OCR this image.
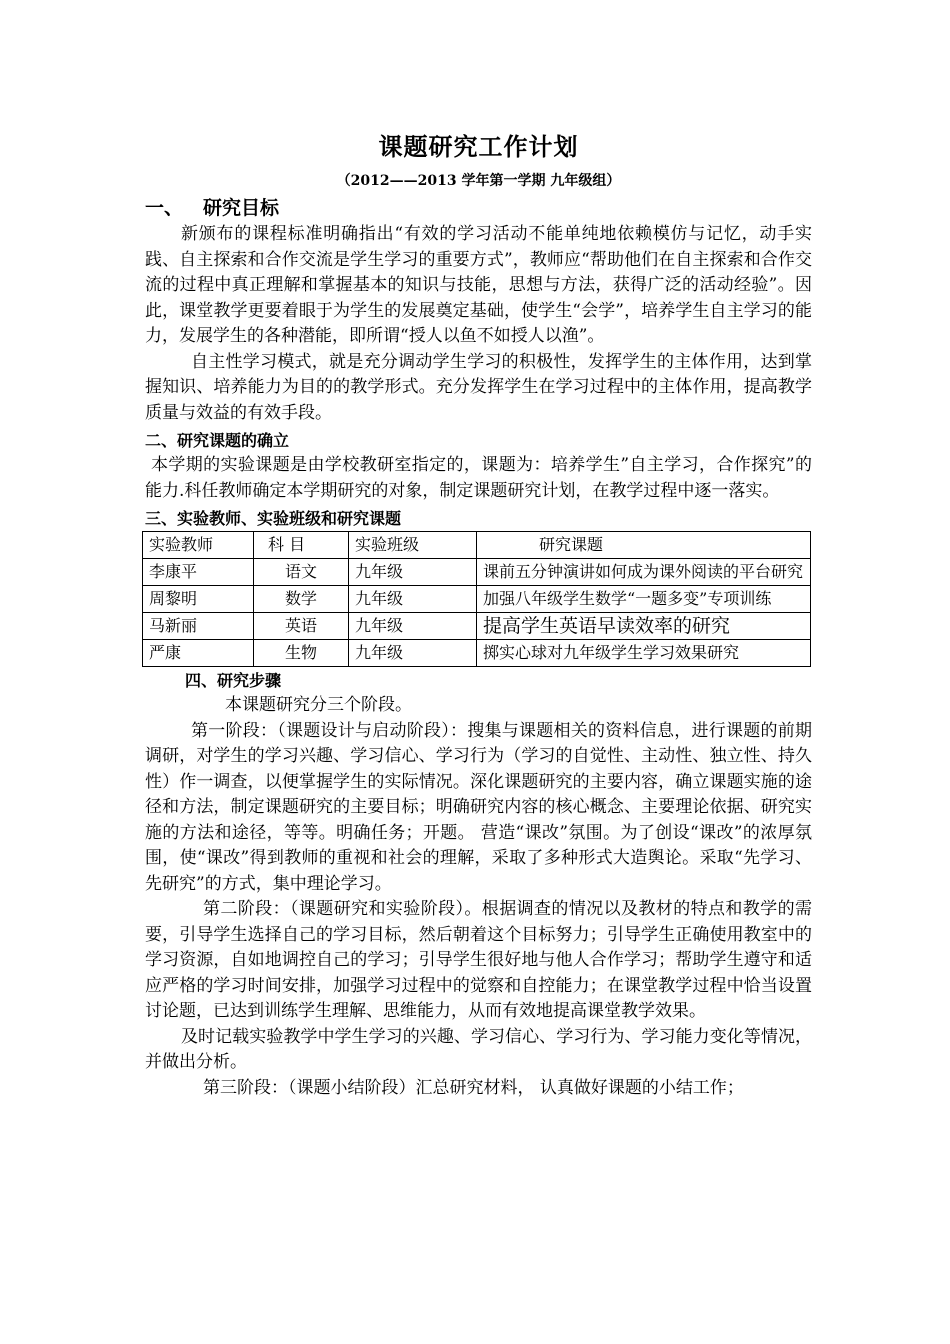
课题研究工作计划
（2012——2013 学年第一学期 九年级组）
一、 研究目标

新颁布的课程标准明确指出“有效的学习活动不能单纯地依赖模仿与记忆，动手实践、自主探索和合作交流是学生学习的重要方式”，教师应“帮助他们在自主探索和合作交流的过程中真正理解和掌握基本的知识与技能，思想与方法，获得广泛的活动经验”。因此，课堂教学更要着眼于为学生的发展奠定基础，使学生“会学”，培养学生自主学习的能力，发展学生的各种潜能，即所谓“授人以鱼不如授人以渔”。

自主性学习模式，就是充分调动学生学习的积极性，发挥学生的主体作用，达到掌握知识、培养能力为目的的教学形式。充分发挥学生在学习过程中的主体作用，提高教学质量与效益的有效手段。

二、研究课题的确立

本学期的实验课题是由学校教研室指定的，课题为：培养学生”自主学习，合作探究”的能力.科任教师确定本学期研究的对象，制定课题研究计划，在教学过程中逐一落实。

三、实验教师、实验班级和研究课题
实验教师	科 目	实验班级	研究课题
李康平	语文	九年级	课前五分钟演讲如何成为课外阅读的平台研究
周黎明	数学	九年级	加强八年级学生数学“一题多变”专项训练
马新丽	英语	九年级	提高学生英语早读效率的研究
严康	生物	九年级	掷实心球对九年级学生学习效果研究
四、研究步骤

本课题研究分三个阶段。

第一阶段：（课题设计与启动阶段）：搜集与课题相关的资料信息，进行课题的前期调研，对学生的学习兴趣、学习信心、学习行为（学习的自觉性、主动性、独立性、持久性）作一调查，以便掌握学生的实际情况。深化课题研究的主要内容，确立课题实施的途径和方法，制定课题研究的主要目标；明确研究内容的核心概念、主要理论依据、研究实施的方法和途径，等等。明确任务；开题。 营造“课改”氛围。为了创设“课改”的浓厚氛围，使“课改”得到教师的重视和社会的理解，采取了多种形式大造舆论。采取“先学习、先研究”的方式，集中理论学习。

第二阶段：（课题研究和实验阶段）。根据调查的情况以及教材的特点和教学的需要，引导学生选择自己的学习目标，然后朝着这个目标努力；引导学生正确使用教室中的学习资源，自如地调控自己的学习；引导学生很好地与他人合作学习；帮助学生遵守和适应严格的学习时间安排，加强学习过程中的觉察和自控能力；在课堂教学过程中恰当设置讨论题，已达到训练学生理解、思维能力，从而有效地提高课堂教学效果。

及时记载实验教学中学生学习的兴趣、学习信心、学习行为、学习能力变化等情况，并做出分析。

第三阶段：（课题小结阶段）汇总研究材料， 认真做好课题的小结工作；
